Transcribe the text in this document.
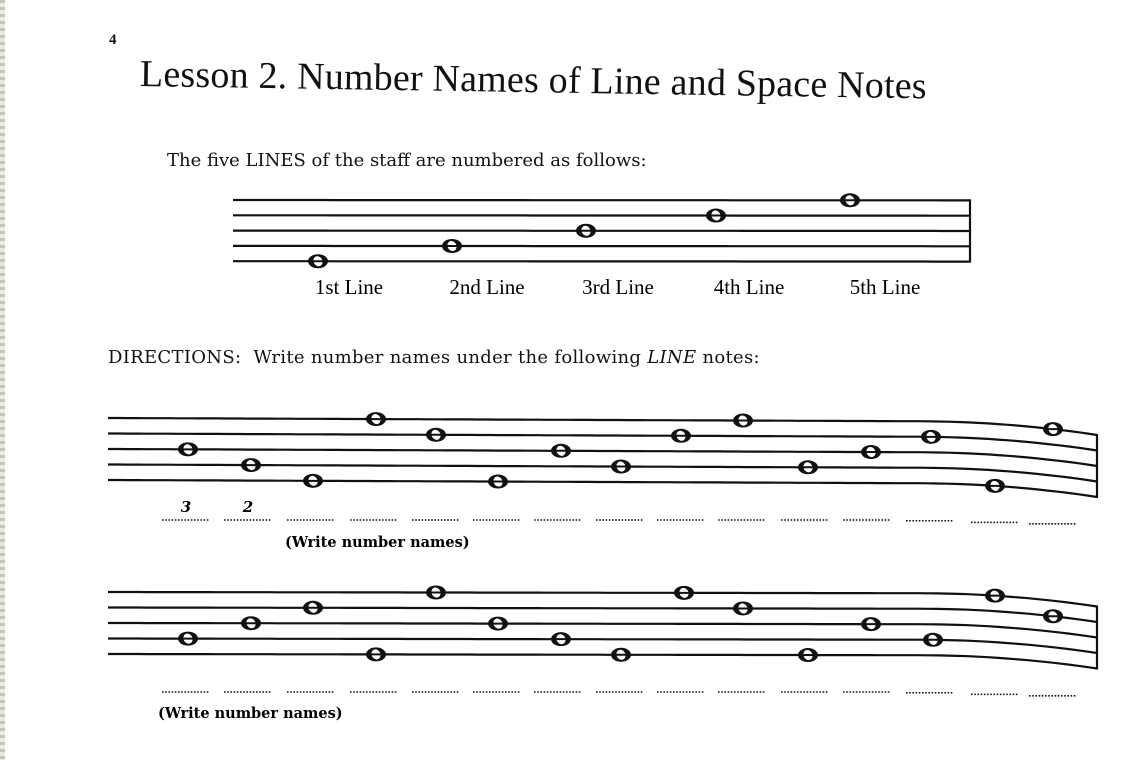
4
Lesson 2. Number Names of Line and Space Notes
The five LINES of the staff are numbered as follows:
1st Line	2nd Line	3rd Line	4th Line	5th Line
DIRECTIONS: Write number names under the following LINE notes:
3	2
(Write number names)
(Write number names)
